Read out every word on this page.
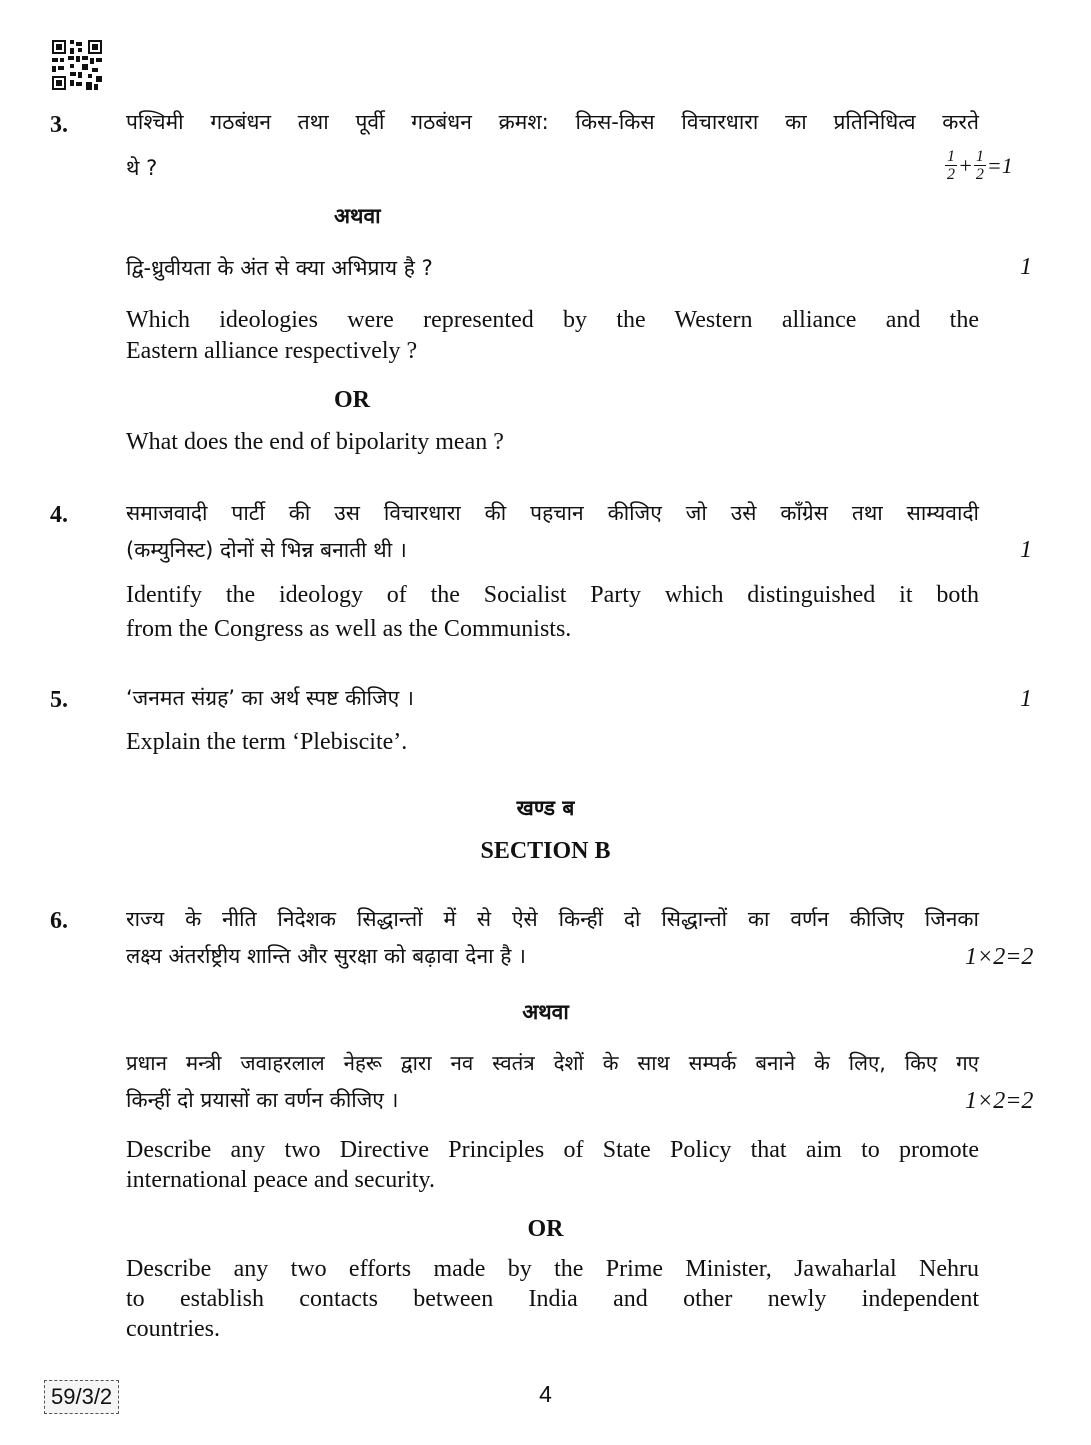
3.	पश्चिमी गठबंधन तथा पूर्वी गठबंधन क्रमश: किस-किस विचारधारा का प्रतिनिधित्व करते
थे ?	$\frac{1}{2} + \frac{1}{2} =1$
अथवा
द्वि-ध्रुवीयता के अंत से क्या अभिप्राय है ?	1
Which ideologies were represented by the Western alliance and the
Eastern alliance respectively ?
OR
What does the end of bipolarity mean ?
4.	समाजवादी पार्टी की उस विचारधारा की पहचान कीजिए जो उसे काँग्रेस तथा साम्यवादी
(कम्युनिस्ट) दोनों से भिन्न बनाती थी ।	1
Identify the ideology of the Socialist Party which distinguished it both
from the Congress as well as the Communists.
5.	‘जनमत संग्रह’ का अर्थ स्पष्ट कीजिए ।	1
Explain the term ‘Plebiscite’.
खण्ड ब
SECTION B
6.	राज्य के नीति निदेशक सिद्धान्तों में से ऐसे किन्हीं दो सिद्धान्तों का वर्णन कीजिए जिनका
लक्ष्य अंतर्राष्ट्रीय शान्ति और सुरक्षा को बढ़ावा देना है ।	1×2=2
अथवा
प्रधान मन्त्री जवाहरलाल नेहरू द्वारा नव स्वतंत्र देशों के साथ सम्पर्क बनाने के लिए, किए गए
किन्हीं दो प्रयासों का वर्णन कीजिए ।	1×2=2
Describe any two Directive Principles of State Policy that aim to promote
international peace and security.
OR
Describe any two efforts made by the Prime Minister, Jawaharlal Nehru
to establish contacts between India and other newly independent
countries.
59/3/2	4
